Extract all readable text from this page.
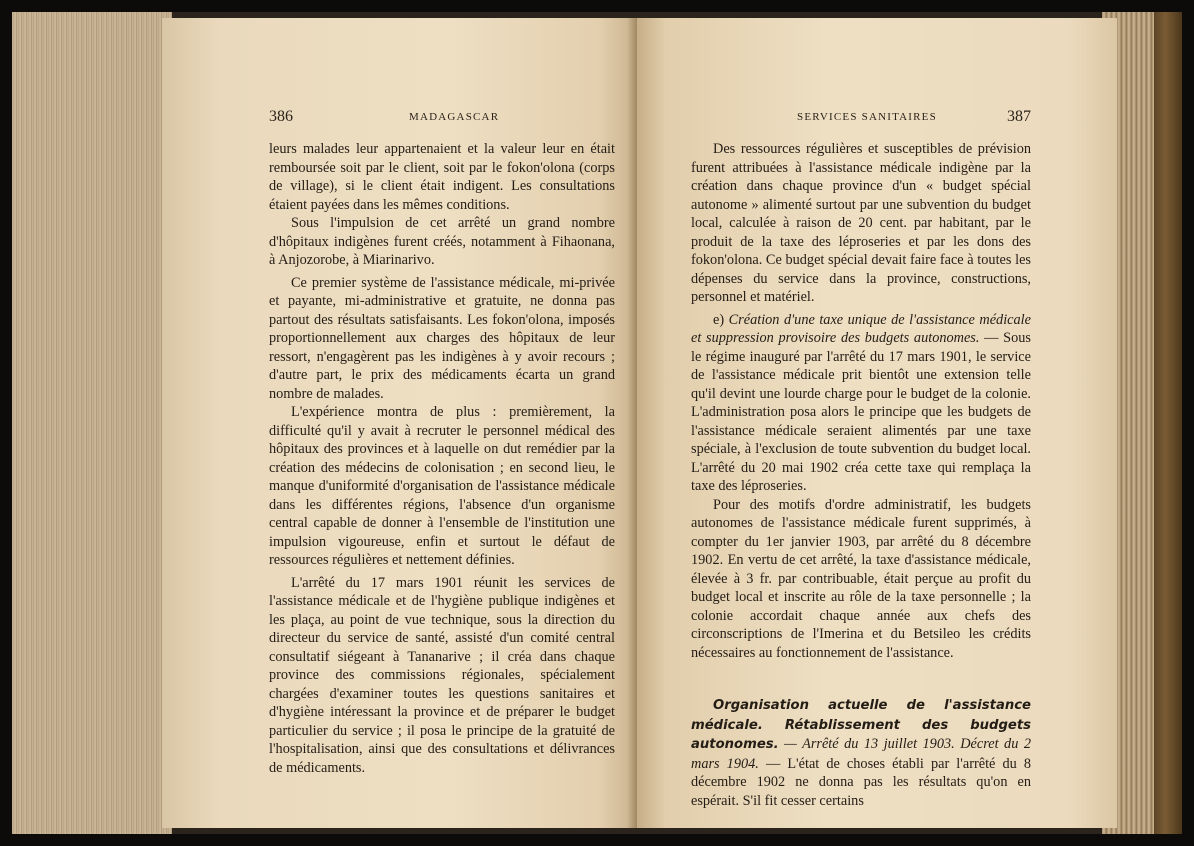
386	MADAGASCAR

leurs malades leur appartenaient et la valeur leur en était remboursée soit par le client, soit par le fokon'olona (corps de village), si le client était indigent. Les consultations étaient payées dans les mêmes conditions.

Sous l'impulsion de cet arrêté un grand nombre d'hôpitaux indigènes furent créés, notamment à Fihaonana, à Anjozorobe, à Miarinarivo.

Ce premier système de l'assistance médicale, mi-privée et payante, mi-administrative et gratuite, ne donna pas partout des résultats satisfaisants. Les fokon'olona, imposés proportionnellement aux charges des hôpitaux de leur ressort, n'engagèrent pas les indigènes à y avoir recours ; d'autre part, le prix des médicaments écarta un grand nombre de malades.

L'expérience montra de plus : premièrement, la difficulté qu'il y avait à recruter le personnel médical des hôpitaux des provinces et à laquelle on dut remédier par la création des médecins de colonisation ; en second lieu, le manque d'uniformité d'organisation de l'assistance médicale dans les différentes régions, l'absence d'un organisme central capable de donner à l'ensemble de l'institution une impulsion vigoureuse, enfin et surtout le défaut de ressources régulières et nettement définies.

L'arrêté du 17 mars 1901 réunit les services de l'assistance médicale et de l'hygiène publique indigènes et les plaça, au point de vue technique, sous la direction du directeur du service de santé, assisté d'un comité central consultatif siégeant à Tananarive ; il créa dans chaque province des commissions régionales, spécialement chargées d'examiner toutes les questions sanitaires et d'hygiène intéressant la province et de préparer le budget particulier du service ; il posa le principe de la gratuité de l'hospitalisation, ainsi que des consultations et délivrances de médicaments.

SERVICES SANITAIRES	387

Des ressources régulières et susceptibles de prévision furent attribuées à l'assistance médicale indigène par la création dans chaque province d'un « budget spécial autonome » alimenté surtout par une subvention du budget local, calculée à raison de 20 cent. par habitant, par le produit de la taxe des léproseries et par les dons des fokon'olona. Ce budget spécial devait faire face à toutes les dépenses du service dans la province, constructions, personnel et matériel.

e) Création d'une taxe unique de l'assistance médicale et suppression provisoire des budgets autonomes. — Sous le régime inauguré par l'arrêté du 17 mars 1901, le service de l'assistance médicale prit bientôt une extension telle qu'il devint une lourde charge pour le budget de la colonie. L'administration posa alors le principe que les budgets de l'assistance médicale seraient alimentés par une taxe spéciale, à l'exclusion de toute subvention du budget local. L'arrêté du 20 mai 1902 créa cette taxe qui remplaça la taxe des léproseries.

Pour des motifs d'ordre administratif, les budgets autonomes de l'assistance médicale furent supprimés, à compter du 1er janvier 1903, par arrêté du 8 décembre 1902. En vertu de cet arrêté, la taxe d'assistance médicale, élevée à 3 fr. par contribuable, était perçue au profit du budget local et inscrite au rôle de la taxe personnelle ; la colonie accordait chaque année aux chefs des circonscriptions de l'Imerina et du Betsileo les crédits nécessaires au fonctionnement de l'assistance.

Organisation actuelle de l'assistance médicale. Rétablissement des budgets autonomes. — Arrêté du 13 juillet 1903. Décret du 2 mars 1904. — L'état de choses établi par l'arrêté du 8 décembre 1902 ne donna pas les résultats qu'on en espérait. S'il fit cesser certains
